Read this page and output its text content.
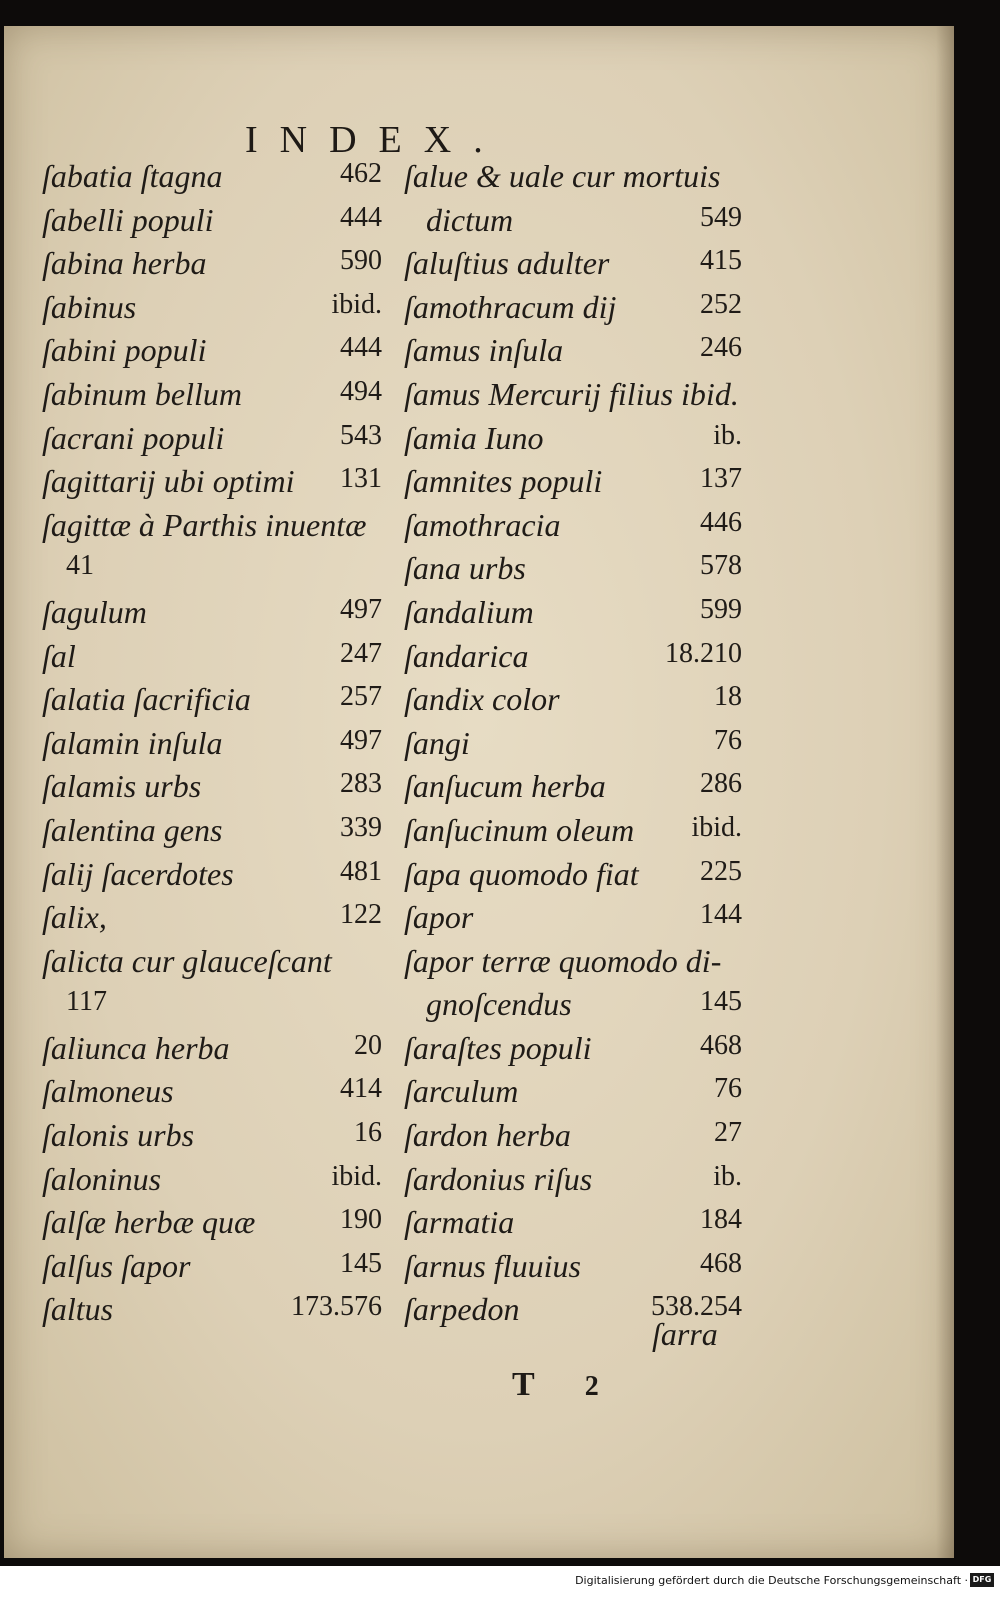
INDEX.
ſabatia ſtagna	462
ſabelli populi	444
ſabina herba	590
ſabinus	ibid.
ſabini populi	444
ſabinum bellum	494
ſacrani populi	543
ſagittarij ubi optimi 131
ſagittæ à Parthis inuentæ
41
ſagulum	497
ſal	247
ſalatia ſacrificia	257
ſalamin inſula	497
ſalamis urbs	283
ſalentina gens	339
ſalij ſacerdotes	481
ſalix,	122
ſalicta cur glauceſcant
117
ſaliunca herba	20
ſalmoneus	414
ſalonis urbs	16
ſaloninus	ibid.
ſalſæ herbæ quæ	190
ſalſus ſapor	145
ſaltus	173.576
ſalue & uale cur mortuis
dictum	549
ſaluſtius adulter	415
ſamothracum dij	252
ſamus inſula	246
ſamus Mercurij filius ibid.
ſamia Iuno	ib.
ſamnites populi	137
ſamothracia	446
ſana urbs	578
ſandalium	599
ſandarica	18.210
ſandix color	18
ſangi	76
ſanſucum herba	286
ſanſucinum oleum ibid.
ſapa quomodo fiat 225
ſapor	144
ſapor terræ quomodo di-
gnoſcendus	145
ſaraſtes populi	468
ſarculum	76
ſardon herba	27
ſardonius riſus	ib.
ſarmatia	184
ſarnus fluuius	468
ſarpedon	538.254
ſarra
T 2
Digitalisierung gefördert durch die Deutsche Forschungsgemeinschaft · DFG
